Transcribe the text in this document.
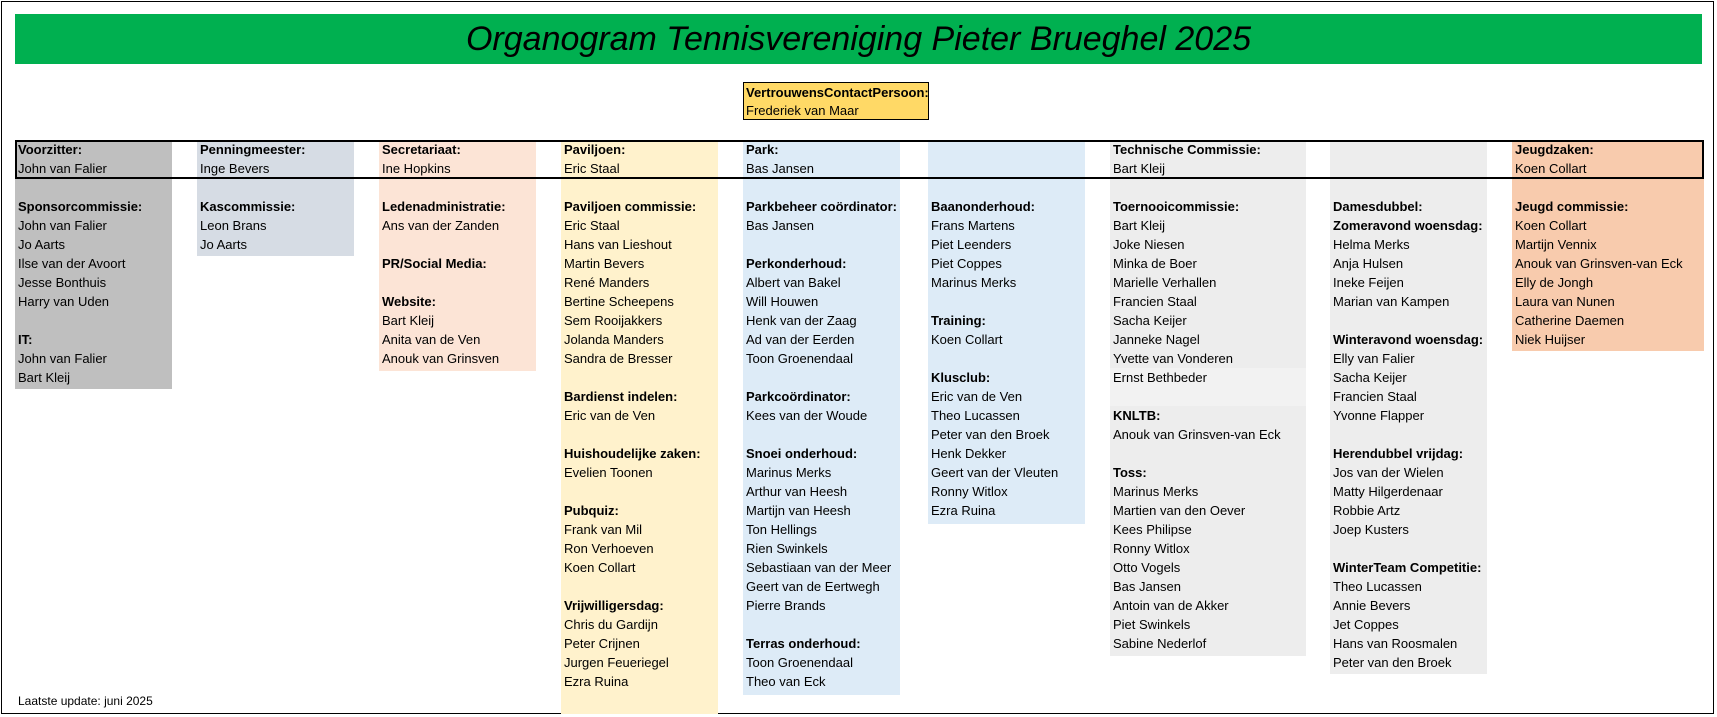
Organogram Tennisvereniging Pieter Brueghel 2025
VertrouwensContactPersoon:
Frederiek van Maar
Voorzitter:
John van Falier
Sponsorcommissie:
John van Falier
Jo Aarts
Ilse van der Avoort
Jesse Bonthuis
Harry van Uden
IT:
John van Falier
Bart Kleij
Penningmeester:
Inge Bevers
Kascommissie:
Leon Brans
Jo Aarts
Secretariaat:
Ine Hopkins
Ledenadministratie:
Ans van der Zanden
PR/Social Media:
Website:
Bart Kleij
Anita van de Ven
Anouk van Grinsven
Paviljoen:
Eric Staal
Paviljoen commissie:
Eric Staal
Hans van Lieshout
Martin Bevers
René Manders
Bertine Scheepens
Sem Rooijakkers
Jolanda Manders
Sandra de Bresser
Bardienst indelen:
Eric van de Ven
Huishoudelijke zaken:
Evelien Toonen
Pubquiz:
Frank van Mil
Ron Verhoeven
Koen Collart
Vrijwilligersdag:
Chris du Gardijn
Peter Crijnen
Jurgen Feueriegel
Ezra Ruina
Park:
Bas Jansen
Parkbeheer coördinator:
Bas Jansen
Perkonderhoud:
Albert van Bakel
Will Houwen
Henk van der Zaag
Ad van der Eerden
Toon Groenendaal
Parkcoördinator:
Kees van der Woude
Snoei onderhoud:
Marinus Merks
Arthur van Heesh
Martijn van Heesh
Ton Hellings
Rien Swinkels
Sebastiaan van der Meer
Geert van de Eertwegh
Pierre Brands
Terras onderhoud:
Toon Groenendaal
Theo van Eck
Baanonderhoud:
Frans Martens
Piet Leenders
Piet Coppes
Marinus Merks
Training:
Koen Collart
Klusclub:
Eric van de Ven
Theo Lucassen
Peter van den Broek
Henk Dekker
Geert van der Vleuten
Ronny Witlox
Ezra Ruina
Technische Commissie:
Bart Kleij
Toernooicommissie:
Bart Kleij
Joke Niesen
Minka de Boer
Marielle Verhallen
Francien Staal
Sacha Keijer
Janneke Nagel
Yvette van Vonderen
Ernst Bethbeder
KNLTB:
Anouk van Grinsven-van Eck
Toss:
Marinus Merks
Martien van den Oever
Kees Philipse
Ronny Witlox
Otto Vogels
Bas Jansen
Antoin van de Akker
Piet Swinkels
Sabine Nederlof
Damesdubbel:
Zomeravond woensdag:
Helma Merks
Anja Hulsen
Ineke Feijen
Marian van Kampen
Winteravond woensdag:
Elly van Falier
Sacha Keijer
Francien Staal
Yvonne Flapper
Herendubbel vrijdag:
Jos van der Wielen
Matty Hilgerdenaar
Robbie Artz
Joep Kusters
WinterTeam Competitie:
Theo Lucassen
Annie Bevers
Jet Coppes
Hans van Roosmalen
Peter van den Broek
Jeugdzaken:
Koen Collart
Jeugd commissie:
Koen Collart
Martijn Vennix
Anouk van Grinsven-van Eck
Elly de Jongh
Laura van Nunen
Catherine Daemen
Niek Huijser
Laatste update: juni 2025
